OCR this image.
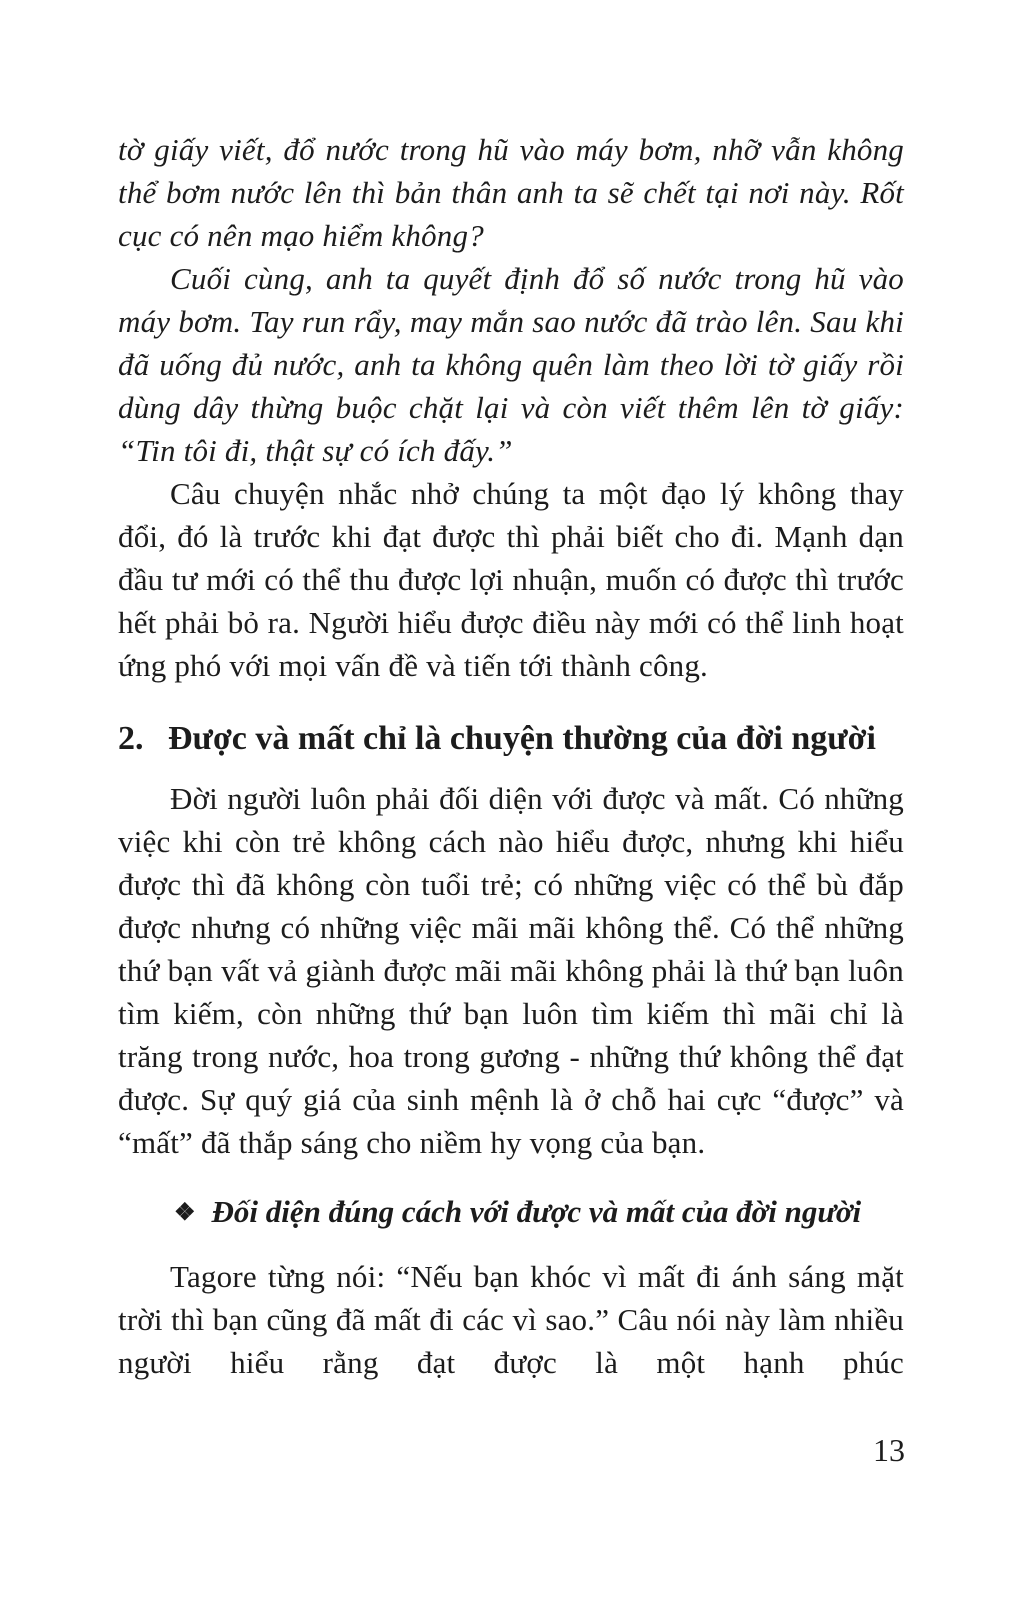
tờ giấy viết, đổ nước trong hũ vào máy bơm, nhỡ vẫn không thể bơm nước lên thì bản thân anh ta sẽ chết tại nơi này. Rốt cục có nên mạo hiểm không?

Cuối cùng, anh ta quyết định đổ số nước trong hũ vào máy bơm. Tay run rẩy, may mắn sao nước đã trào lên. Sau khi đã uống đủ nước, anh ta không quên làm theo lời tờ giấy rồi dùng dây thừng buộc chặt lại và còn viết thêm lên tờ giấy: “Tin tôi đi, thật sự có ích đấy.”

Câu chuyện nhắc nhở chúng ta một đạo lý không thay đổi, đó là trước khi đạt được thì phải biết cho đi. Mạnh dạn đầu tư mới có thể thu được lợi nhuận, muốn có được thì trước hết phải bỏ ra. Người hiểu được điều này mới có thể linh hoạt ứng phó với mọi vấn đề và tiến tới thành công.

2. Được và mất chỉ là chuyện thường của đời người

Đời người luôn phải đối diện với được và mất. Có những việc khi còn trẻ không cách nào hiểu được, nhưng khi hiểu được thì đã không còn tuổi trẻ; có những việc có thể bù đắp được nhưng có những việc mãi mãi không thể. Có thể những thứ bạn vất vả giành được mãi mãi không phải là thứ bạn luôn tìm kiếm, còn những thứ bạn luôn tìm kiếm thì mãi chỉ là trăng trong nước, hoa trong gương - những thứ không thể đạt được. Sự quý giá của sinh mệnh là ở chỗ hai cực “được” và “mất” đã thắp sáng cho niềm hy vọng của bạn.

❖ Đối diện đúng cách với được và mất của đời người

Tagore từng nói: “Nếu bạn khóc vì mất đi ánh sáng mặt trời thì bạn cũng đã mất đi các vì sao.” Câu nói này làm nhiều người hiểu rằng đạt được là một hạnh phúc

13
